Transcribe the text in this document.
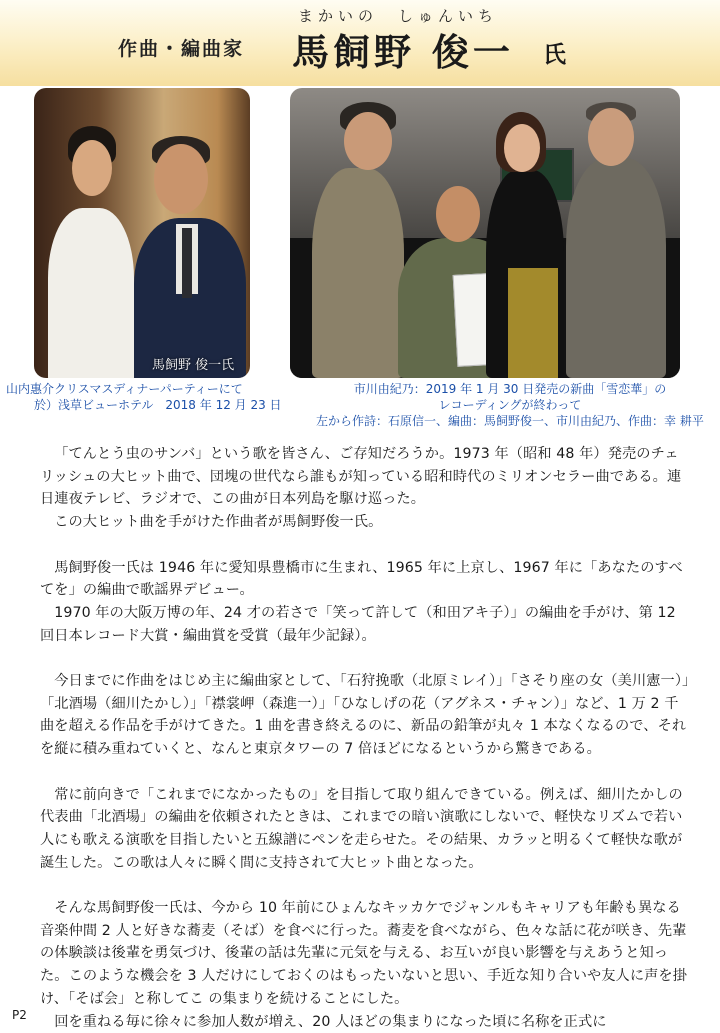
作曲・編曲家
まかいの　しゅんいち
馬飼野 俊一 氏
馬飼野 俊一氏
山内惠介クリスマスディナーパーティーにて
於）浅草ビューホテル　2018 年 12 月 23 日
市川由紀乃：2019 年 1 月 30 日発売の新曲「雪恋華」の
レコーディングが終わって
左から作詩：石原信一、編曲：馬飼野俊一、市川由紀乃、作曲：幸 耕平

「てんとう虫のサンバ」という歌を皆さん、ご存知だろうか。1973 年（昭和 48 年）発売のチェリッシュの大ヒット曲で、団塊の世代なら誰もが知っている昭和時代のミリオンセラー曲である。連日連夜テレビ、ラジオで、この曲が日本列島を駆け巡った。

この大ヒット曲を手がけた作曲者が馬飼野俊一氏。

馬飼野俊一氏は 1946 年に愛知県豊橋市に生まれ、1965 年に上京し、1967 年に「あなたのすべてを」の編曲で歌謡界デビュー。

1970 年の大阪万博の年、24 才の若さで「笑って許して（和田アキ子）」の編曲を手がけ、第 12 回日本レコード大賞・編曲賞を受賞（最年少記録）。

今日までに作曲をはじめ主に編曲家として、「石狩挽歌（北原ミレイ）」「さそり座の女（美川憲一）」「北酒場（細川たかし）」「襟裳岬（森進一）」「ひなしげの花（アグネス・チャン）」など、1 万 2 千曲を超える作品を手がけてきた。1 曲を書き終えるのに、新品の鉛筆が丸々 1 本なくなるので、それを縦に積み重ねていくと、なんと東京タワーの 7 倍ほどになるというから驚きである。

常に前向きで「これまでになかったもの」を目指して取り組んできている。例えば、細川たかしの代表曲「北酒場」の編曲を依頼されたときは、これまでの暗い演歌にしないで、軽快なリズムで若い人にも歌える演歌を目指したいと五線譜にペンを走らせた。その結果、カラッと明るくて軽快な歌が誕生した。この歌は人々に瞬く間に支持されて大ヒット曲となった。

そんな馬飼野俊一氏は、今から 10 年前にひょんなキッカケでジャンルもキャリアも年齢も異なる 音楽仲間 2 人と好きな蕎麦（そば）を食べに行った。蕎麦を食べながら、色々な話に花が咲き、先輩の体験談は後輩を勇気づけ、後輩の話は先輩に元気を与える、お互いが良い影響を与えあうと知った。このような機会を 3 人だけにしておくのはもったいないと思い、手近な知り合いや友人に声を掛け、「そば会」と称してこ の集まりを続けることにした。

回を重ねる毎に徐々に参加人数が増え、20 人ほどの集まりになった頃に名称を正式に

P2
